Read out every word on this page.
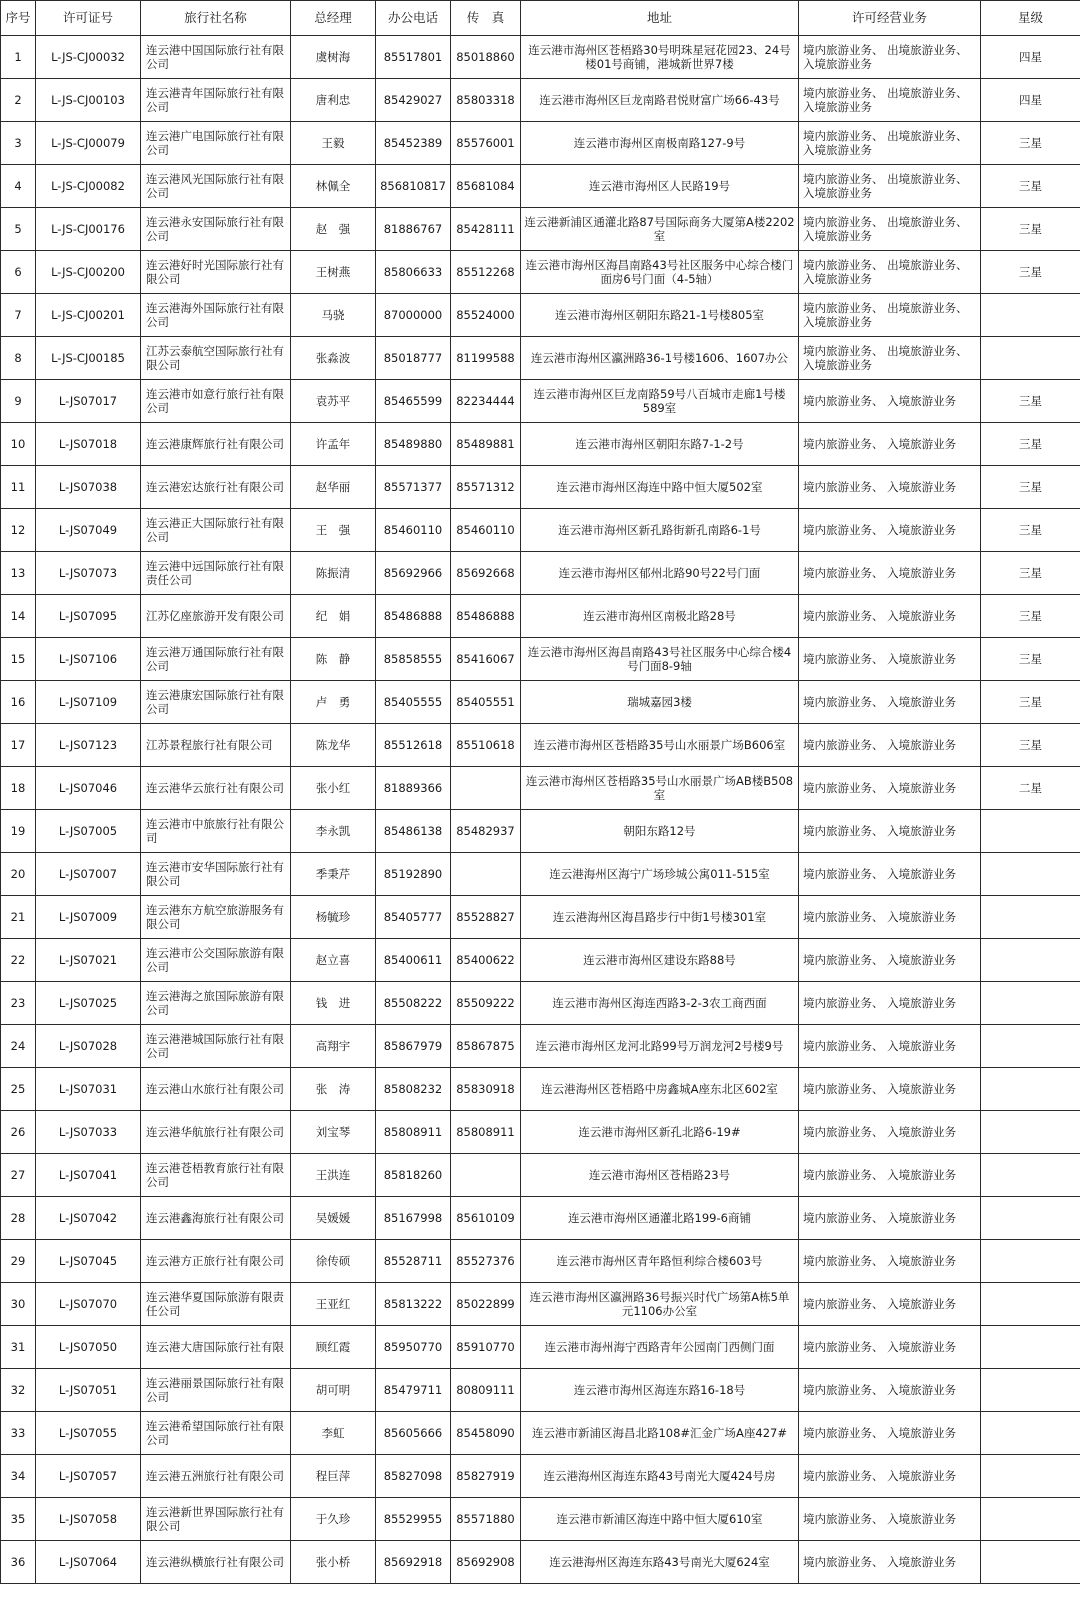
序号	许可证号	旅行社名称	总经理	办公电话	传　真	地址	许可经营业务	星级
1	L-JS-CJ00032	连云港中国国际旅行社有限公司	虞树海	85517801	85018860	连云港市海州区苍梧路30号明珠星冠花园23、24号楼01号商铺，港城新世界7楼	境内旅游业务、 出境旅游业务、 入境旅游业务	四星
2	L-JS-CJ00103	连云港青年国际旅行社有限公司	唐利忠	85429027	85803318	连云港市海州区巨龙南路君悦财富广场66-43号	境内旅游业务、 出境旅游业务、 入境旅游业务	四星
3	L-JS-CJ00079	连云港广电国际旅行社有限公司	王毅	85452389	85576001	连云港市海州区南极南路127-9号	境内旅游业务、 出境旅游业务、 入境旅游业务	三星
4	L-JS-CJ00082	连云港风光国际旅行社有限公司	林佩全	856810817	85681084	连云港市海州区人民路19号	境内旅游业务、 出境旅游业务、 入境旅游业务	三星
5	L-JS-CJ00176	连云港永安国际旅行社有限公司	赵　强	81886767	85428111	连云港新浦区通灌北路87号国际商务大厦第A楼2202室	境内旅游业务、 出境旅游业务、 入境旅游业务	三星
6	L-JS-CJ00200	连云港好时光国际旅行社有限公司	王树燕	85806633	85512268	连云港市海州区海昌南路43号社区服务中心综合楼门面房6号门面（4-5轴）	境内旅游业务、 出境旅游业务、 入境旅游业务	三星
7	L-JS-CJ00201	连云港海外国际旅行社有限公司	马骁	87000000	85524000	连云港市海州区朝阳东路21-1号楼805室	境内旅游业务、 出境旅游业务、 入境旅游业务	
8	L-JS-CJ00185	江苏云泰航空国际旅行社有限公司	张淼波	85018777	81199588	连云港市海州区瀛洲路36-1号楼1606、1607办公	境内旅游业务、 出境旅游业务、 入境旅游业务	
9	L-JS07017	连云港市如意行旅行社有限公司	袁苏平	85465599	82234444	连云港市海州区巨龙南路59号八百城市走廊1号楼589室	境内旅游业务、 入境旅游业务	三星
10	L-JS07018	连云港康辉旅行社有限公司	许孟年	85489880	85489881	连云港市海州区朝阳东路7-1-2号	境内旅游业务、 入境旅游业务	三星
11	L-JS07038	连云港宏达旅行社有限公司	赵华丽	85571377	85571312	连云港市海州区海连中路中恒大厦502室	境内旅游业务、 入境旅游业务	三星
12	L-JS07049	连云港正大国际旅行社有限公司	王　强	85460110	85460110	连云港市海州区新孔路街新孔南路6-1号	境内旅游业务、 入境旅游业务	三星
13	L-JS07073	连云港中远国际旅行社有限责任公司	陈振清	85692966	85692668	连云港市海州区郁州北路90号22号门面	境内旅游业务、 入境旅游业务	三星
14	L-JS07095	江苏亿座旅游开发有限公司	纪　娟	85486888	85486888	连云港市海州区南极北路28号	境内旅游业务、 入境旅游业务	三星
15	L-JS07106	连云港万通国际旅行社有限公司	陈　静	85858555	85416067	连云港市海州区海昌南路43号社区服务中心综合楼4号门面8-9轴	境内旅游业务、 入境旅游业务	三星
16	L-JS07109	连云港康宏国际旅行社有限公司	卢　勇	85405555	85405551	瑞城嘉园3楼	境内旅游业务、 入境旅游业务	三星
17	L-JS07123	江苏景程旅行社有限公司	陈龙华	85512618	85510618	连云港市海州区苍梧路35号山水丽景广场B606室	境内旅游业务、 入境旅游业务	三星
18	L-JS07046	连云港华云旅行社有限公司	张小红	81889366		连云港市海州区苍梧路35号山水丽景广场AB楼B508室	境内旅游业务、 入境旅游业务	二星
19	L-JS07005	连云港市中旅旅行社有限公司	李永凯	85486138	85482937	朝阳东路12号	境内旅游业务、 入境旅游业务	
20	L-JS07007	连云港市安华国际旅行社有限公司	季秉芹	85192890		连云港海州区海宁广场珍城公寓011-515室	境内旅游业务、 入境旅游业务	
21	L-JS07009	连云港东方航空旅游服务有限公司	杨毓珍	85405777	85528827	连云港海州区海昌路步行中街1号楼301室	境内旅游业务、 入境旅游业务	
22	L-JS07021	连云港市公交国际旅游有限公司	赵立喜	85400611	85400622	连云港市海州区建设东路88号	境内旅游业务、 入境旅游业务	
23	L-JS07025	连云港海之旅国际旅游有限公司	钱　进	85508222	85509222	连云港市海州区海连西路3-2-3农工商西面	境内旅游业务、 入境旅游业务	
24	L-JS07028	连云港港城国际旅行社有限公司	高翔宇	85867979	85867875	连云港市海州区龙河北路99号万润龙河2号楼9号	境内旅游业务、 入境旅游业务	
25	L-JS07031	连云港山水旅行社有限公司	张　涛	85808232	85830918	连云港海州区苍梧路中房鑫城A座东北区602室	境内旅游业务、 入境旅游业务	
26	L-JS07033	连云港华航旅行社有限公司	刘宝琴	85808911	85808911	连云港市海州区新孔北路6-19#	境内旅游业务、 入境旅游业务	
27	L-JS07041	连云港苍梧教育旅行社有限公司	王洪连	85818260		连云港市海州区苍梧路23号	境内旅游业务、 入境旅游业务	
28	L-JS07042	连云港鑫海旅行社有限公司	吴媛媛	85167998	85610109	连云港市海州区通灌北路199-6商铺	境内旅游业务、 入境旅游业务	
29	L-JS07045	连云港方正旅行社有限公司	徐传硕	85528711	85527376	连云港市海州区青年路恒利综合楼603号	境内旅游业务、 入境旅游业务	
30	L-JS07070	连云港华夏国际旅游有限责任公司	王亚红	85813222	85022899	连云港市海州区瀛洲路36号振兴时代广场第A栋5单元1106办公室	境内旅游业务、 入境旅游业务	
31	L-JS07050	连云港大唐国际旅行社有限	顾红霞	85950770	85910770	连云港市海州海宁西路青年公园南门西侧门面	境内旅游业务、 入境旅游业务	
32	L-JS07051	连云港丽景国际旅行社有限公司	胡可明	85479711	80809111	连云港市海州区海连东路16-18号	境内旅游业务、 入境旅游业务	
33	L-JS07055	连云港希望国际旅行社有限公司	李虹	85605666	85458090	连云港市新浦区海昌北路108#汇金广场A座427#	境内旅游业务、 入境旅游业务	
34	L-JS07057	连云港五洲旅行社有限公司	程巨萍	85827098	85827919	连云港海州区海连东路43号南光大厦424号房	境内旅游业务、 入境旅游业务	
35	L-JS07058	连云港新世界国际旅行社有限公司	于久珍	85529955	85571880	连云港市新浦区海连中路中恒大厦610室	境内旅游业务、 入境旅游业务	
36	L-JS07064	连云港纵横旅行社有限公司	张小桥	85692918	85692908	连云港海州区海连东路43号南光大厦624室	境内旅游业务、 入境旅游业务	
